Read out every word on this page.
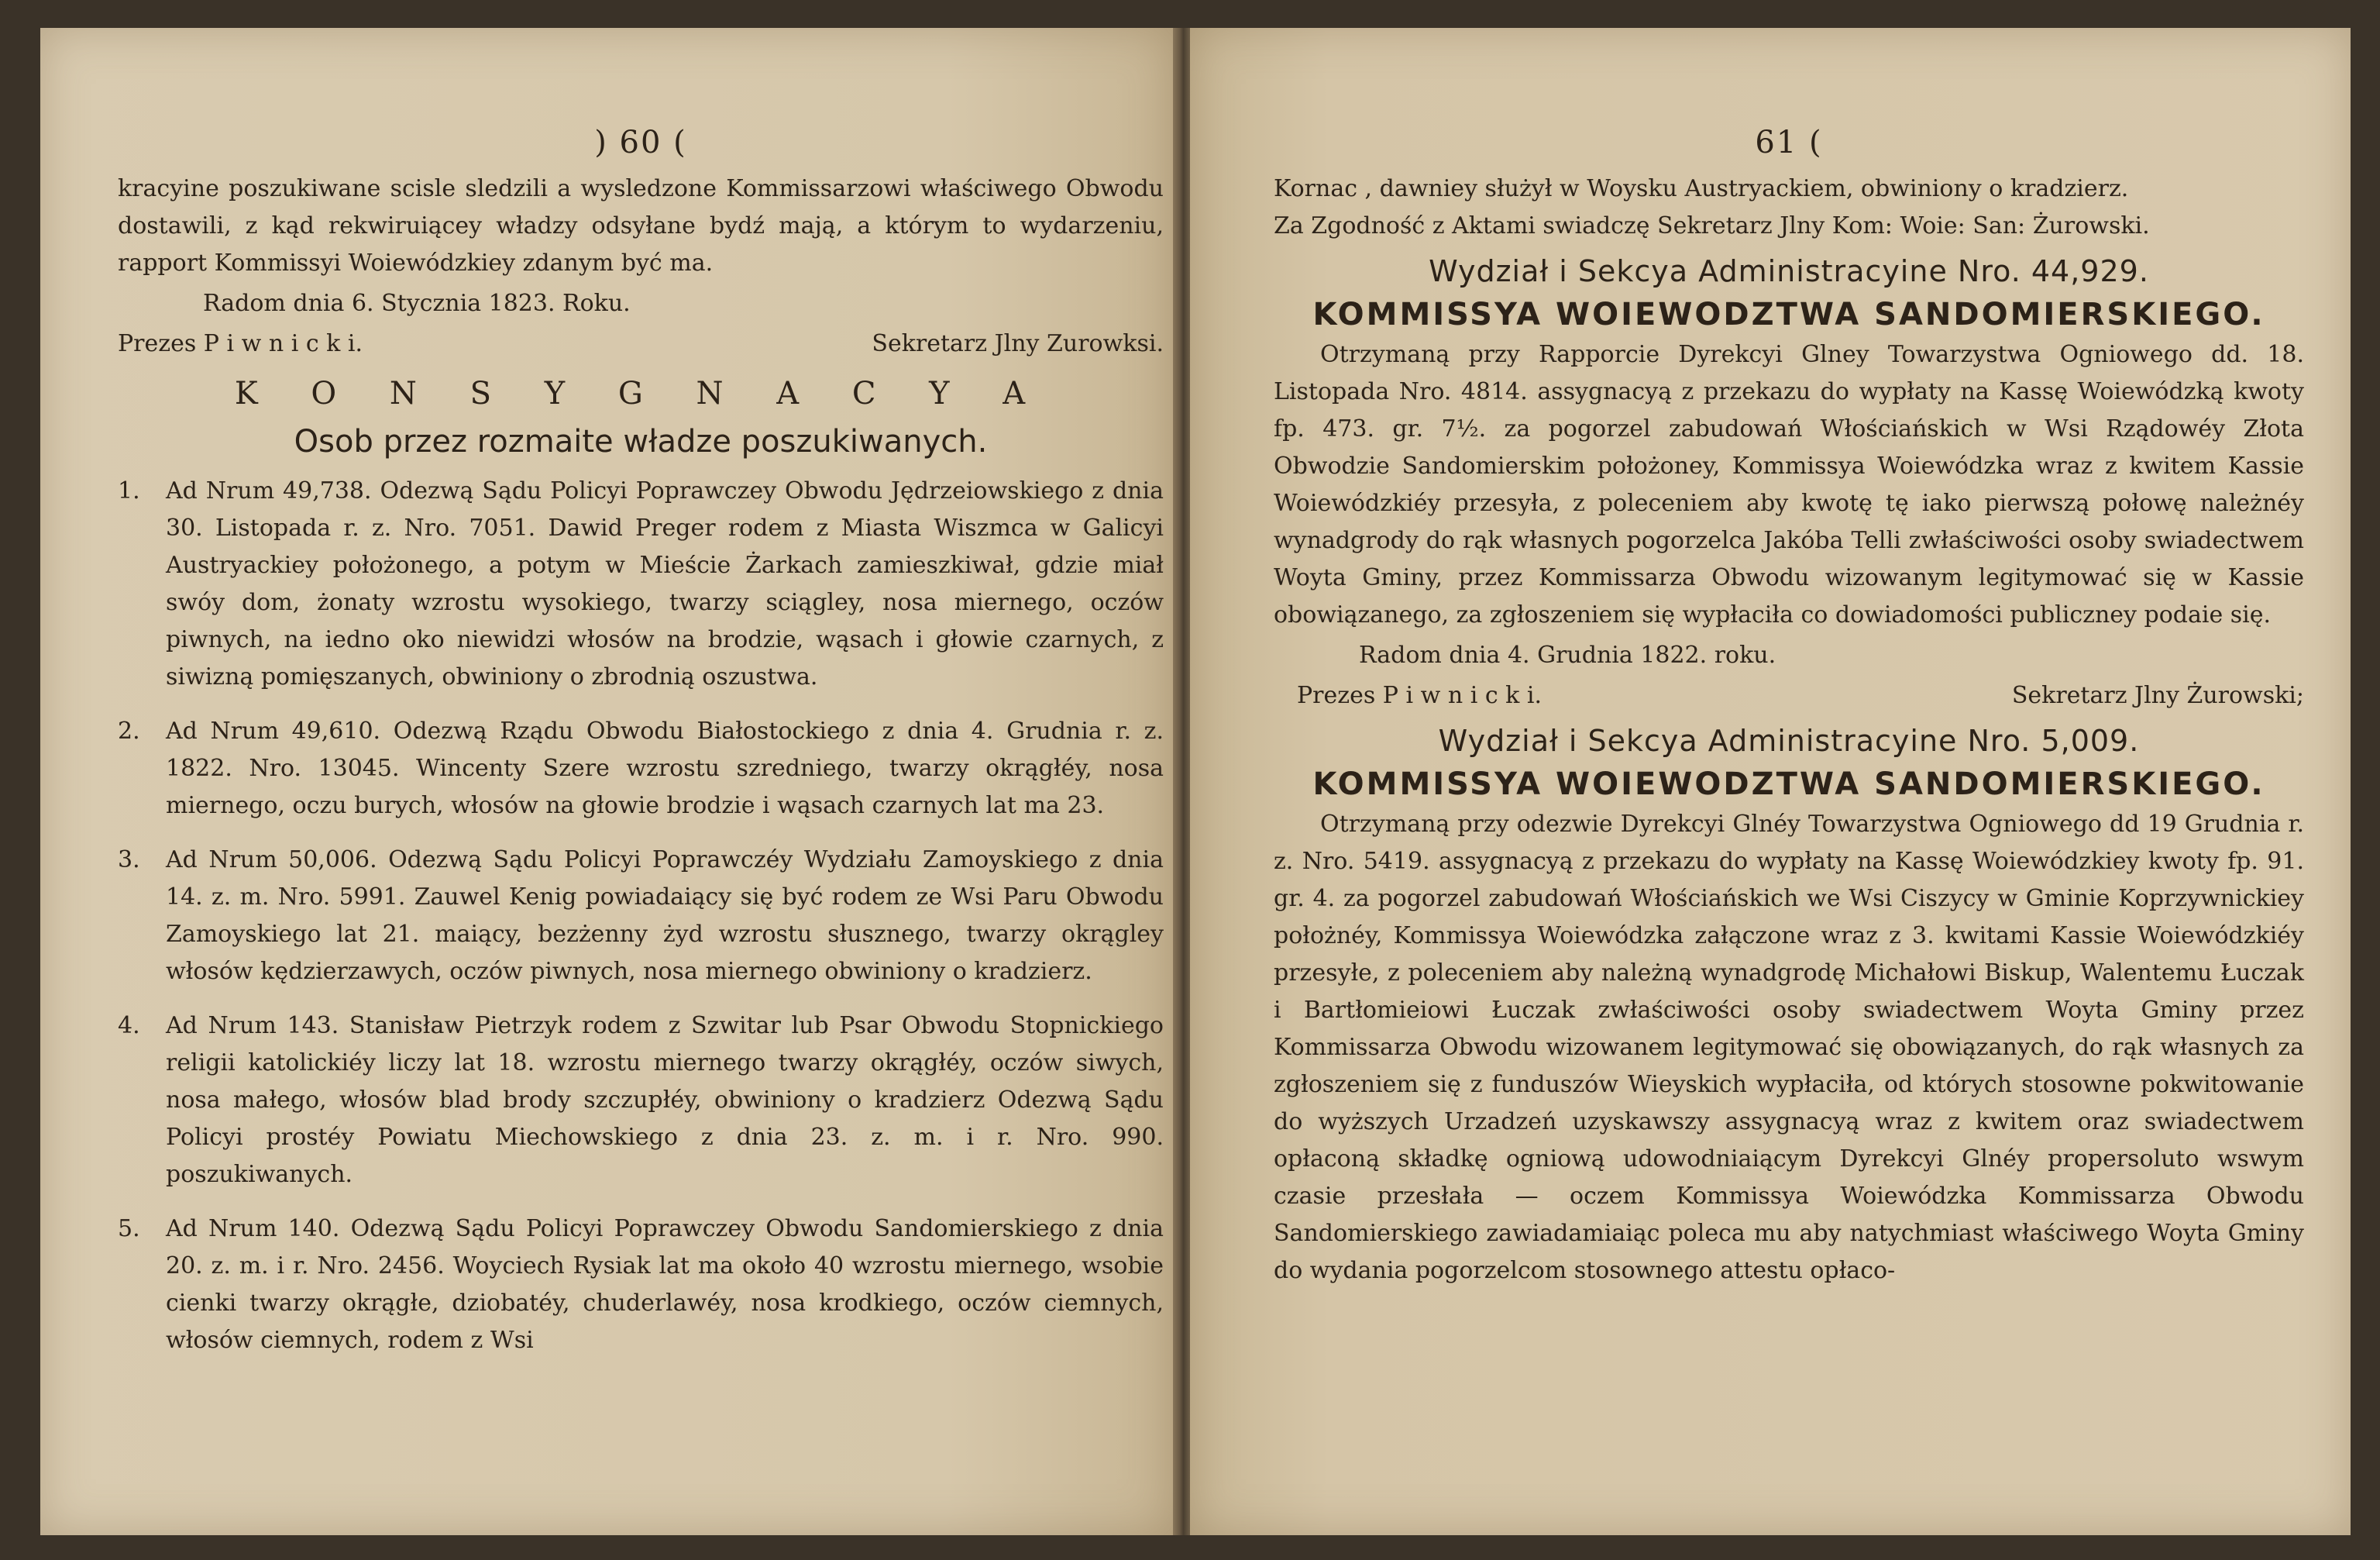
) 60 (

kracyine poszukiwane scisle sledzili a wysledzone Kommissarzowi właściwego Obwodu dostawili, z kąd rekwiruiącey władzy odsyłane bydź mają, a którym to wydarzeniu, rapport Kommissyi Woiewódzkiey zdanym być ma.

Radom dnia 6. Stycznia 1823. Roku.

Prezes P i w n i c k i.	Sekretarz Jlny Zurowksi.
K O N S Y G N A C Y A
Osob przez rozmaite władze poszukiwanych.
1.	Ad Nrum 49,738. Odezwą Sądu Policyi Poprawczey Obwodu Jędrzeiowskiego z dnia 30. Listopada r. z. Nro. 7051. Dawid Preger rodem z Miasta Wiszmca w Galicyi Austryackiey położonego, a potym w Mieście Żarkach zamieszkiwał, gdzie miał swóy dom, żonaty wzrostu wysokiego, twarzy sciągley, nosa miernego, oczów piwnych, na iedno oko niewidzi włosów na brodzie, wąsach i głowie czarnych, z siwizną pomięszanych, obwiniony o zbrodnią oszustwa.
2.	Ad Nrum 49,610. Odezwą Rządu Obwodu Białostockiego z dnia 4. Grudnia r. z. 1822. Nro. 13045. Wincenty Szere wzrostu szredniego, twarzy okrągłéy, nosa miernego, oczu burych, włosów na głowie brodzie i wąsach czarnych lat ma 23.
3.	Ad Nrum 50,006. Odezwą Sądu Policyi Poprawczéy Wydziału Zamoyskiego z dnia 14. z. m. Nro. 5991. Zauwel Kenig powiadaiący się być rodem ze Wsi Paru Obwodu Zamoyskiego lat 21. maiący, bezżenny żyd wzrostu słusznego, twarzy okrągley włosów kędzierzawych, oczów piwnych, nosa miernego obwiniony o kradzierz.
4.	Ad Nrum 143. Stanisław Pietrzyk rodem z Szwitar lub Psar Obwodu Stopnickiego religii katolickiéy liczy lat 18. wzrostu miernego twarzy okrągłéy, oczów siwych, nosa małego, włosów blad brody szczupłéy, obwiniony o kradzierz Odezwą Sądu Policyi prostéy Powiatu Miechowskiego z dnia 23. z. m. i r. Nro. 990. poszukiwanych.
5.	Ad Nrum 140. Odezwą Sądu Policyi Poprawczey Obwodu Sandomierskiego z dnia 20. z. m. i r. Nro. 2456. Woyciech Rysiak lat ma około 40 wzrostu miernego, wsobie cienki twarzy okrągłe, dziobatéy, chuderlawéy, nosa krodkiego, oczów ciemnych, włosów ciemnych, rodem z Wsi
61 (

Kornac , dawniey służył w Woysku Austryackiem, obwiniony o kradzierz.

Za Zgodność z Aktami swiadczę Sekretarz Jlny Kom: Woie: San: Żurowski.

Wydział i Sekcya Administracyine Nro. 44,929.
KOMMISSYA WOIEWODZTWA SANDOMIERSKIEGO.

Otrzymaną przy Rapporcie Dyrekcyi Glney Towarzystwa Ogniowego dd. 18. Listopada Nro. 4814. assygnacyą z przekazu do wypłaty na Kassę Woiewódzką kwoty fp. 473. gr. 7½. za pogorzel zabudowań Włościańskich w Wsi Rządowéy Złota Obwodzie Sandomierskim położoney, Kommissya Woiewódzka wraz z kwitem Kassie Woiewódzkiéy przesyła, z poleceniem aby kwotę tę iako pierwszą połowę należnéy wynadgrody do rąk własnych pogorzelca Jakóba Telli zwłaściwości osoby swiadectwem Woyta Gminy, przez Kommissarza Obwodu wizowanym legitymować się w Kassie obowiązanego, za zgłoszeniem się wypłaciła co dowiadomości publiczney podaie się.

Radom dnia 4. Grudnia 1822. roku.

Prezes P i w n i c k i.	Sekretarz Jlny Żurowski;
Wydział i Sekcya Administracyine Nro. 5,009.
KOMMISSYA WOIEWODZTWA SANDOMIERSKIEGO.

Otrzymaną przy odezwie Dyrekcyi Glnéy Towarzystwa Ogniowego dd 19 Grudnia r. z. Nro. 5419. assygnacyą z przekazu do wypłaty na Kassę Woiewódzkiey kwoty fp. 91. gr. 4. za pogorzel zabudowań Włościańskich we Wsi Ciszycy w Gminie Koprzywnickiey położnéy, Kommissya Woiewódzka załączone wraz z 3. kwitami Kassie Woiewódzkiéy przesyłe, z poleceniem aby należną wynadgrodę Michałowi Biskup, Walentemu Łuczak i Bartłomieiowi Łuczak zwłaściwości osoby swiadectwem Woyta Gminy przez Kommissarza Obwodu wizowanem legitymować się obowiązanych, do rąk własnych za zgłoszeniem się z funduszów Wieyskich wypłaciła, od których stosowne pokwitowanie do wyższych Urzadzeń uzyskawszy assygnacyą wraz z kwitem oraz swiadectwem opłaconą składkę ogniową udowodniaiącym Dyrekcyi Glnéy propersoluto wswym czasie przesłała — oczem Kommissya Woiewódzka Kommissarza Obwodu Sandomierskiego zawiadamiaiąc poleca mu aby natychmiast właściwego Woyta Gminy do wydania pogorzelcom stosownego attestu opłaco-
